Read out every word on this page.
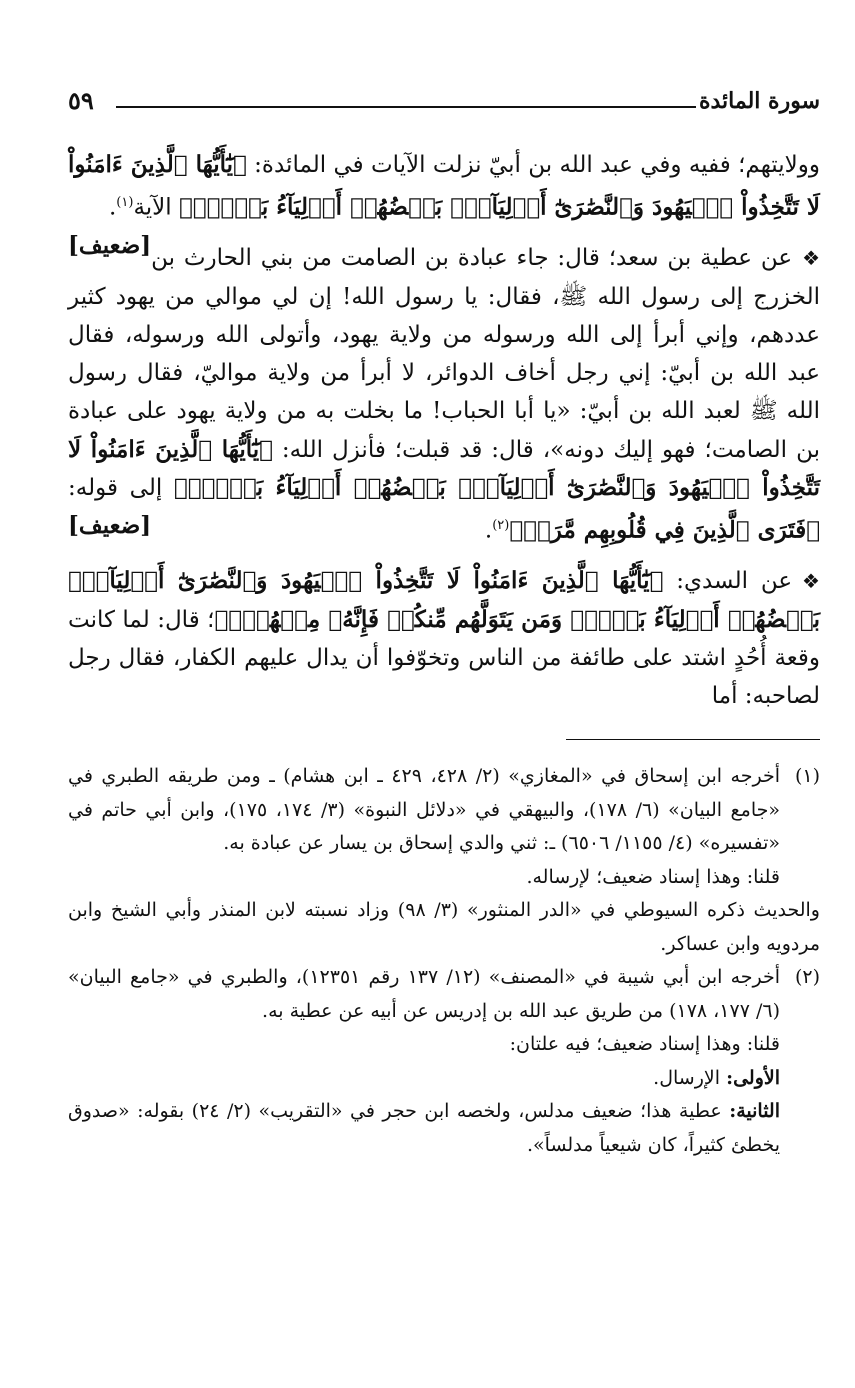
سورة المائدة
٥٩

وولايتهم؛ ففيه وفي عبد الله بن أبيّ نزلت الآيات في المائدة: ﴿يَٰٓأَيُّهَا ٱلَّذِينَ ءَامَنُواْ لَا تَتَّخِذُواْ ٱلۡيَهُودَ وَٱلنَّصَٰرَىٰٓ أَوۡلِيَآءَۘ بَعۡضُهُمۡ أَوۡلِيَآءُ بَعۡضٖۚ﴾ الآية$^{(١)}$.
[ضعيف]	❖عن عطية بن سعد؛ قال: جاء عبادة بن الصامت من بني الحارث بن الخزرج إلى رسول الله ﷺ، فقال: يا رسول الله! إن لي موالي من يهود كثير عددهم، وإني أبرأ إلى الله ورسوله من ولاية يهود، وأتولى الله ورسوله، فقال عبد الله بن أبيّ: إني رجل أخاف الدوائر، لا أبرأ من ولاية مواليّ، فقال رسول الله ﷺ لعبد الله بن أبيّ: «يا أبا الحباب! ما بخلت به من ولاية يهود على عبادة بن الصامت؛ فهو إليك دونه»، قال: قد قبلت؛ فأنزل الله: ﴿يَٰٓأَيُّهَا ٱلَّذِينَ ءَامَنُواْ لَا تَتَّخِذُواْ ٱلۡيَهُودَ وَٱلنَّصَٰرَىٰٓ أَوۡلِيَآءَۘ بَعۡضُهُمۡ أَوۡلِيَآءُ بَعۡضٖۚ﴾ إلى قوله: ﴿فَتَرَى ٱلَّذِينَ فِي قُلُوبِهِم مَّرَضٞ﴾$^{(٢)}$.
[ضعيف]

❖عن السدي: ﴿يَٰٓأَيُّهَا ٱلَّذِينَ ءَامَنُواْ لَا تَتَّخِذُواْ ٱلۡيَهُودَ وَٱلنَّصَٰرَىٰٓ أَوۡلِيَآءَۘ بَعۡضُهُمۡ أَوۡلِيَآءُ بَعۡضٖۚ وَمَن يَتَوَلَّهُم مِّنكُمۡ فَإِنَّهُۥ مِنۡهُمۡۗ﴾؛ قال: لما كانت وقعة أُحُدٍ اشتد على طائفة من الناس وتخوّفوا أن يدال عليهم الكفار، فقال رجل لصاحبه: أما

(١)

أخرجه ابن إسحاق في «المغازي» (٢/ ٤٢٨، ٤٢٩ ـ ابن هشام) ـ ومن طريقه الطبري في «جامع البيان» (٦/ ١٧٨)، والبيهقي في «دلائل النبوة» (٣/ ١٧٤، ١٧٥)، وابن أبي حاتم في «تفسيره» (٤/ ١١٥٥/ ٦٥٠٦) ـ: ثني والدي إسحاق بن يسار عن عبادة به.

قلنا: وهذا إسناد ضعيف؛ لإرساله.

والحديث ذكره السيوطي في «الدر المنثور» (٣/ ٩٨) وزاد نسبته لابن المنذر وأبي الشيخ وابن مردويه وابن عساكر.

(٢)

أخرجه ابن أبي شيبة في «المصنف» (١٢/ ١٣٧ رقم ١٢٣٥١)، والطبري في «جامع البيان» (٦/ ١٧٧، ١٧٨) من طريق عبد الله بن إدريس عن أبيه عن عطية به.

قلنا: وهذا إسناد ضعيف؛ فيه علتان:

الأولى: الإرسال.

الثانية: عطية هذا؛ ضعيف مدلس، ولخصه ابن حجر في «التقريب» (٢/ ٢٤) بقوله: «صدوق يخطئ كثيراً، كان شيعياً مدلساً».
